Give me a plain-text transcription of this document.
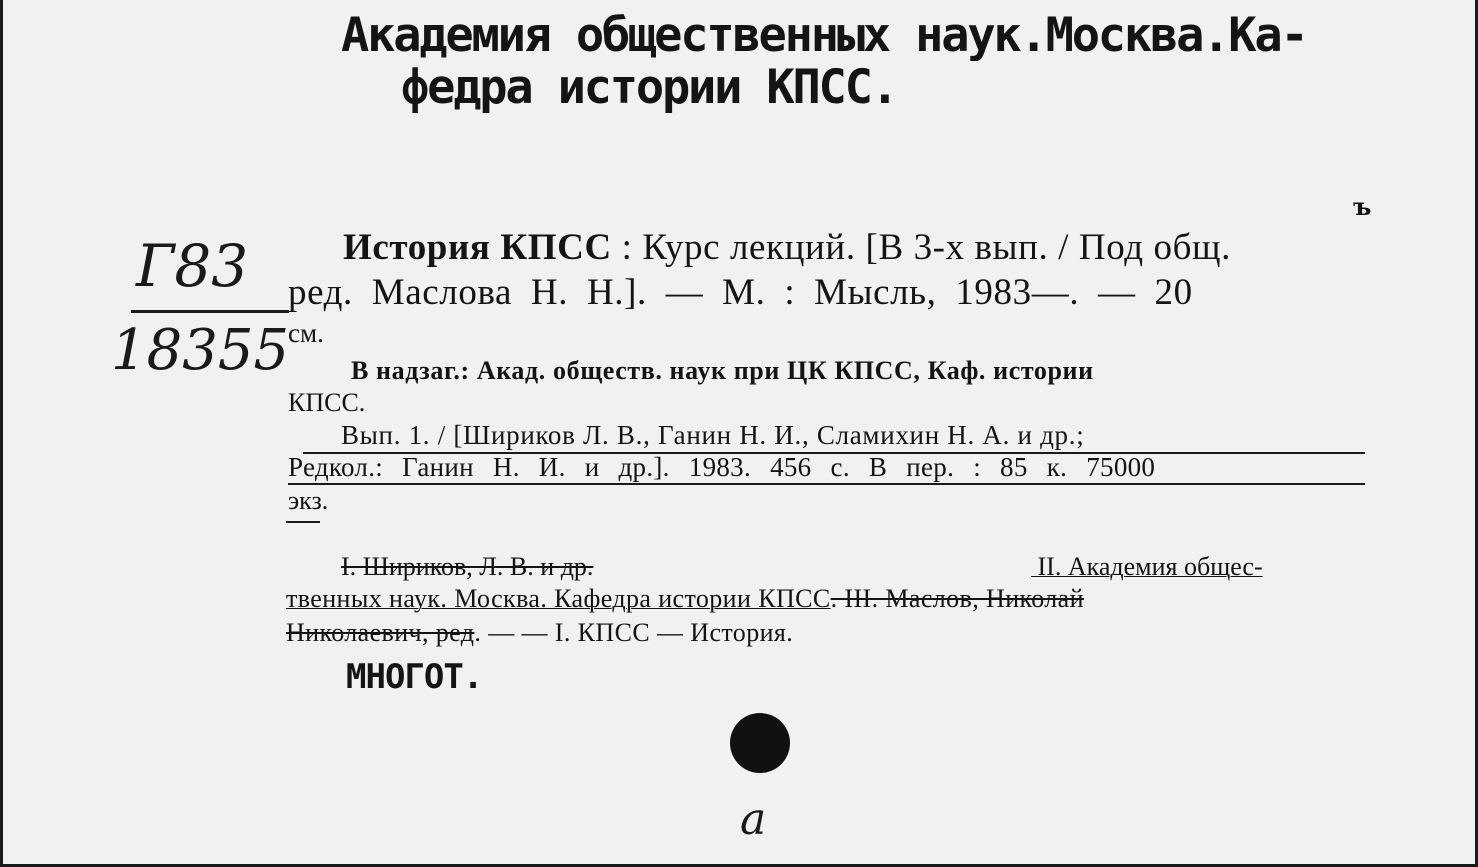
Академия общественных наук.Москва.Ка-
федра истории КПСС.
ъ
Г83
18355
История КПСС : Курс лекций. [В 3-х вып. / Под общ.
ред. Маслова Н. Н.]. — М. : Мысль, 1983—. — 20
см.
В надзаг.: Акад. обществ. наук при ЦК КПСС, Каф. истории
КПСС.
Вып. 1. / [Шириков Л. В., Ганин Н. И., Сламихин Н. А. и др.;
Редкол.: Ганин Н. И. и др.]. 1983. 456 с. В пер. : 85 к. 75000
экз.
I. Шириков, Л. В. и др.	II. Академия общес-
твенных наук. Москва. Кафедра истории КПСС. III. Маслов, Николай
Николаевич, ред. — — I. КПСС — История.
МНОГОТ.
а
